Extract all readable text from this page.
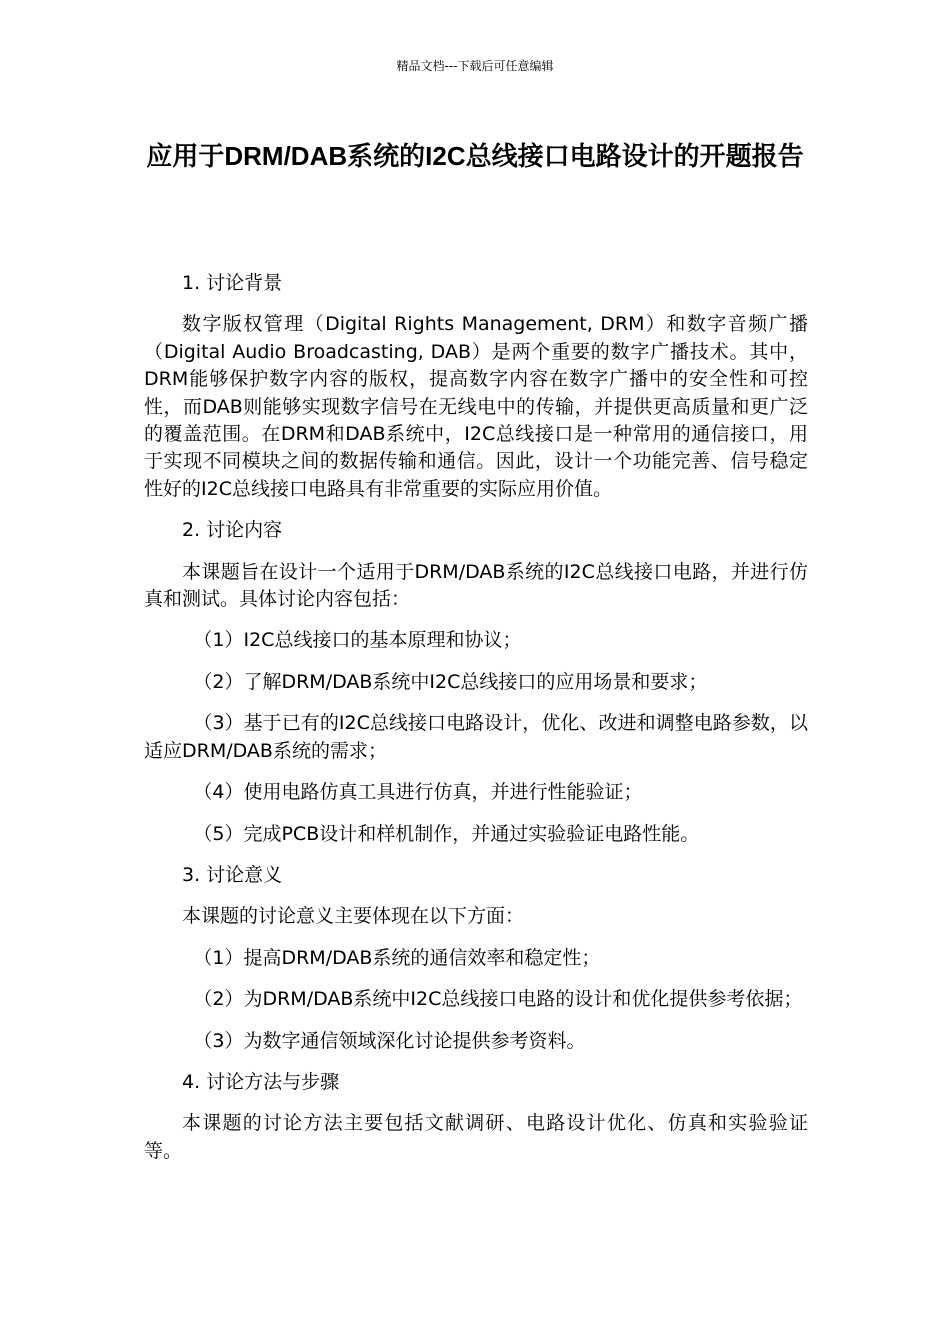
精品文档---下载后可任意编辑
应用于DRM/DAB系统的I2C总线接口电路设计的开题报告

1. 讨论背景

数字版权管理（Digital Rights Management, DRM）和数字音频广播（Digital Audio Broadcasting, DAB）是两个重要的数字广播技术。其中，DRM能够保护数字内容的版权，提高数字内容在数字广播中的安全性和可控性，而DAB则能够实现数字信号在无线电中的传输，并提供更高质量和更广泛的覆盖范围。在DRM和DAB系统中，I2C总线接口是一种常用的通信接口，用于实现不同模块之间的数据传输和通信。因此，设计一个功能完善、信号稳定性好的I2C总线接口电路具有非常重要的实际应用价值。

2. 讨论内容

本课题旨在设计一个适用于DRM/DAB系统的I2C总线接口电路，并进行仿真和测试。具体讨论内容包括：

（1）I2C总线接口的基本原理和协议；

（2）了解DRM/DAB系统中I2C总线接口的应用场景和要求；

（3）基于已有的I2C总线接口电路设计，优化、改进和调整电路参数，以适应DRM/DAB系统的需求；

（4）使用电路仿真工具进行仿真，并进行性能验证；

（5）完成PCB设计和样机制作，并通过实验验证电路性能。

3. 讨论意义

本课题的讨论意义主要体现在以下方面：

（1）提高DRM/DAB系统的通信效率和稳定性；

（2）为DRM/DAB系统中I2C总线接口电路的设计和优化提供参考依据；

（3）为数字通信领域深化讨论提供参考资料。

4. 讨论方法与步骤

本课题的讨论方法主要包括文献调研、电路设计优化、仿真和实验验证等。
